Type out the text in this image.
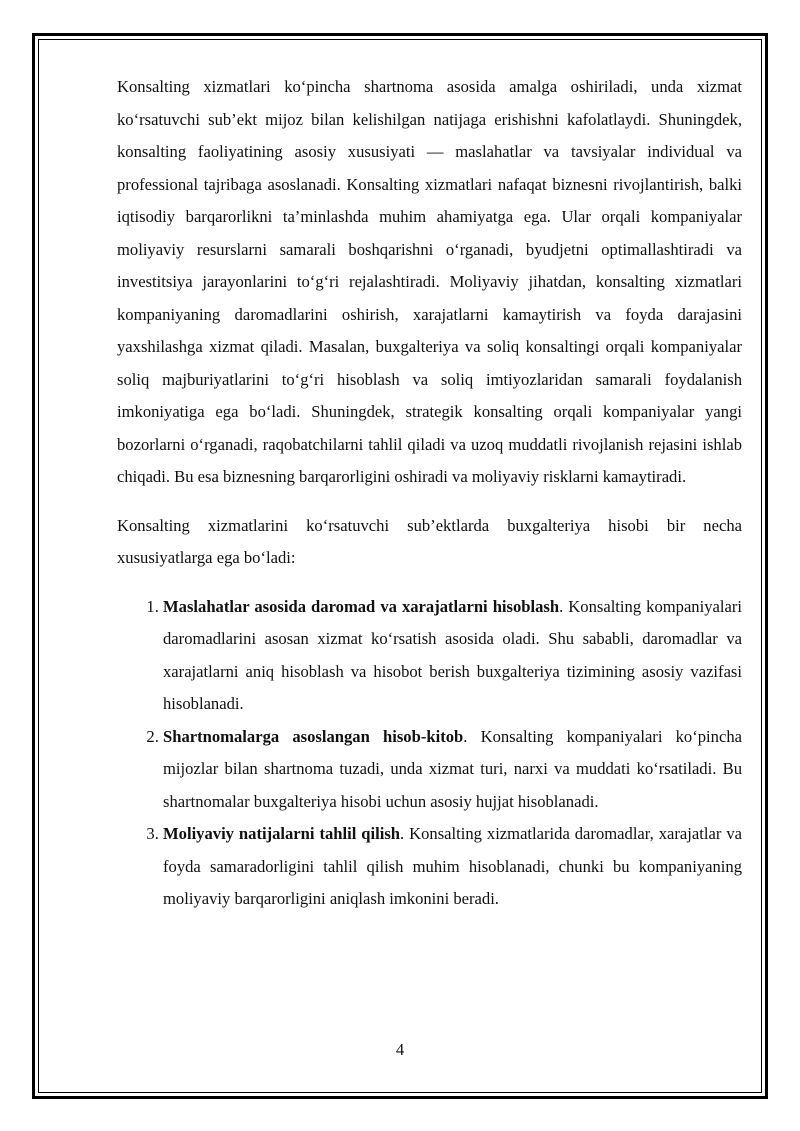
Konsalting xizmatlari ko‘pincha shartnoma asosida amalga oshiriladi, unda xizmat ko‘rsatuvchi sub’ekt mijoz bilan kelishilgan natijaga erishishni kafolatlaydi. Shuningdek, konsalting faoliyatining asosiy xususiyati — maslahatlar va tavsiyalar individual va professional tajribaga asoslanadi. Konsalting xizmatlari nafaqat biznesni rivojlantirish, balki iqtisodiy barqarorlikni ta’minlashda muhim ahamiyatga ega. Ular orqali kompaniyalar moliyaviy resurslarni samarali boshqarishni o‘rganadi, byudjetni optimallashtiradi va investitsiya jarayonlarini to‘g‘ri rejalashtiradi. Moliyaviy jihatdan, konsalting xizmatlari kompaniyaning daromadlarini oshirish, xarajatlarni kamaytirish va foyda darajasini yaxshilashga xizmat qiladi. Masalan, buxgalteriya va soliq konsaltingi orqali kompaniyalar soliq majburiyatlarini to‘g‘ri hisoblash va soliq imtiyozlaridan samarali foydalanish imkoniyatiga ega bo‘ladi. Shuningdek, strategik konsalting orqali kompaniyalar yangi bozorlarni o‘rganadi, raqobatchilarni tahlil qiladi va uzoq muddatli rivojlanish rejasini ishlab chiqadi. Bu esa biznesning barqarorligini oshiradi va moliyaviy risklarni kamaytiradi.

Konsalting xizmatlarini ko‘rsatuvchi sub’ektlarda buxgalteriya hisobi bir necha xususiyatlarga ega bo‘ladi:

1. Maslahatlar asosida daromad va xarajatlarni hisoblash. Konsalting kompaniyalari daromadlarini asosan xizmat ko‘rsatish asosida oladi. Shu sababli, daromadlar va xarajatlarni aniq hisoblash va hisobot berish buxgalteriya tizimining asosiy vazifasi hisoblanadi.
2. Shartnomalarga asoslangan hisob-kitob. Konsalting kompaniyalari ko‘pincha mijozlar bilan shartnoma tuzadi, unda xizmat turi, narxi va muddati ko‘rsatiladi. Bu shartnomalar buxgalteriya hisobi uchun asosiy hujjat hisoblanadi.
3. Moliyaviy natijalarni tahlil qilish. Konsalting xizmatlarida daromadlar, xarajatlar va foyda samaradorligini tahlil qilish muhim hisoblanadi, chunki bu kompaniyaning moliyaviy barqarorligini aniqlash imkonini beradi.
4
